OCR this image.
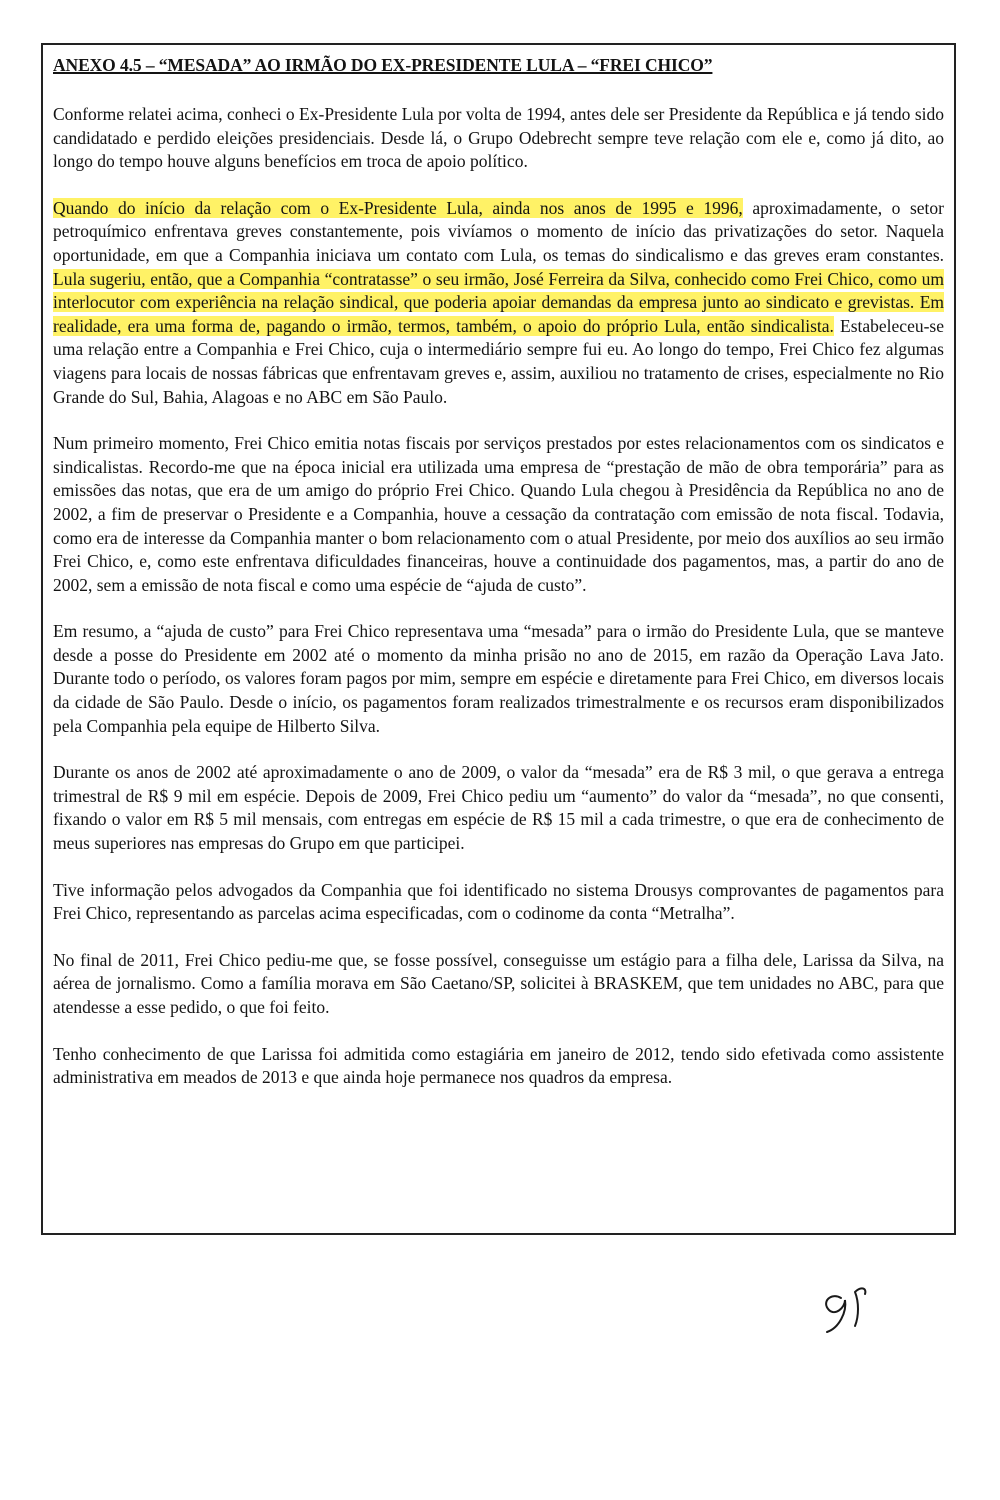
ANEXO 4.5 – “MESADA” AO IRMÃO DO EX-PRESIDENTE LULA – “FREI CHICO”

Conforme relatei acima, conheci o Ex-Presidente Lula por volta de 1994, antes dele ser Presidente da República e já tendo sido candidatado e perdido eleições presidenciais. Desde lá, o Grupo Odebrecht sempre teve relação com ele e, como já dito, ao longo do tempo houve alguns benefícios em troca de apoio político.

Quando do início da relação com o Ex-Presidente Lula, ainda nos anos de 1995 e 1996, aproximadamente, o setor petroquímico enfrentava greves constantemente, pois vivíamos o momento de início das privatizações do setor. Naquela oportunidade, em que a Companhia iniciava um contato com Lula, os temas do sindicalismo e das greves eram constantes. Lula sugeriu, então, que a Companhia “contratasse” o seu irmão, José Ferreira da Silva, conhecido como Frei Chico, como um interlocutor com experiência na relação sindical, que poderia apoiar demandas da empresa junto ao sindicato e grevistas. Em realidade, era uma forma de, pagando o irmão, termos, também, o apoio do próprio Lula, então sindicalista. Estabeleceu-se uma relação entre a Companhia e Frei Chico, cuja o intermediário sempre fui eu. Ao longo do tempo, Frei Chico fez algumas viagens para locais de nossas fábricas que enfrentavam greves e, assim, auxiliou no tratamento de crises, especialmente no Rio Grande do Sul, Bahia, Alagoas e no ABC em São Paulo.

Num primeiro momento, Frei Chico emitia notas fiscais por serviços prestados por estes relacionamentos com os sindicatos e sindicalistas. Recordo-me que na época inicial era utilizada uma empresa de “prestação de mão de obra temporária” para as emissões das notas, que era de um amigo do próprio Frei Chico. Quando Lula chegou à Presidência da República no ano de 2002, a fim de preservar o Presidente e a Companhia, houve a cessação da contratação com emissão de nota fiscal. Todavia, como era de interesse da Companhia manter o bom relacionamento com o atual Presidente, por meio dos auxílios ao seu irmão Frei Chico, e, como este enfrentava dificuldades financeiras, houve a continuidade dos pagamentos, mas, a partir do ano de 2002, sem a emissão de nota fiscal e como uma espécie de “ajuda de custo”.

Em resumo, a “ajuda de custo” para Frei Chico representava uma “mesada” para o irmão do Presidente Lula, que se manteve desde a posse do Presidente em 2002 até o momento da minha prisão no ano de 2015, em razão da Operação Lava Jato. Durante todo o período, os valores foram pagos por mim, sempre em espécie e diretamente para Frei Chico, em diversos locais da cidade de São Paulo. Desde o início, os pagamentos foram realizados trimestralmente e os recursos eram disponibilizados pela Companhia pela equipe de Hilberto Silva.

Durante os anos de 2002 até aproximadamente o ano de 2009, o valor da “mesada” era de R$ 3 mil, o que gerava a entrega trimestral de R$ 9 mil em espécie. Depois de 2009, Frei Chico pediu um “aumento” do valor da “mesada”, no que consenti, fixando o valor em R$ 5 mil mensais, com entregas em espécie de R$ 15 mil a cada trimestre, o que era de conhecimento de meus superiores nas empresas do Grupo em que participei.

Tive informação pelos advogados da Companhia que foi identificado no sistema Drousys comprovantes de pagamentos para Frei Chico, representando as parcelas acima especificadas, com o codinome da conta “Metralha”.

No final de 2011, Frei Chico pediu-me que, se fosse possível, conseguisse um estágio para a filha dele, Larissa da Silva, na aérea de jornalismo. Como a família morava em São Caetano/SP, solicitei à BRASKEM, que tem unidades no ABC, para que atendesse a esse pedido, o que foi feito.

Tenho conhecimento de que Larissa foi admitida como estagiária em janeiro de 2012, tendo sido efetivada como assistente administrativa em meados de 2013 e que ainda hoje permanece nos quadros da empresa.
